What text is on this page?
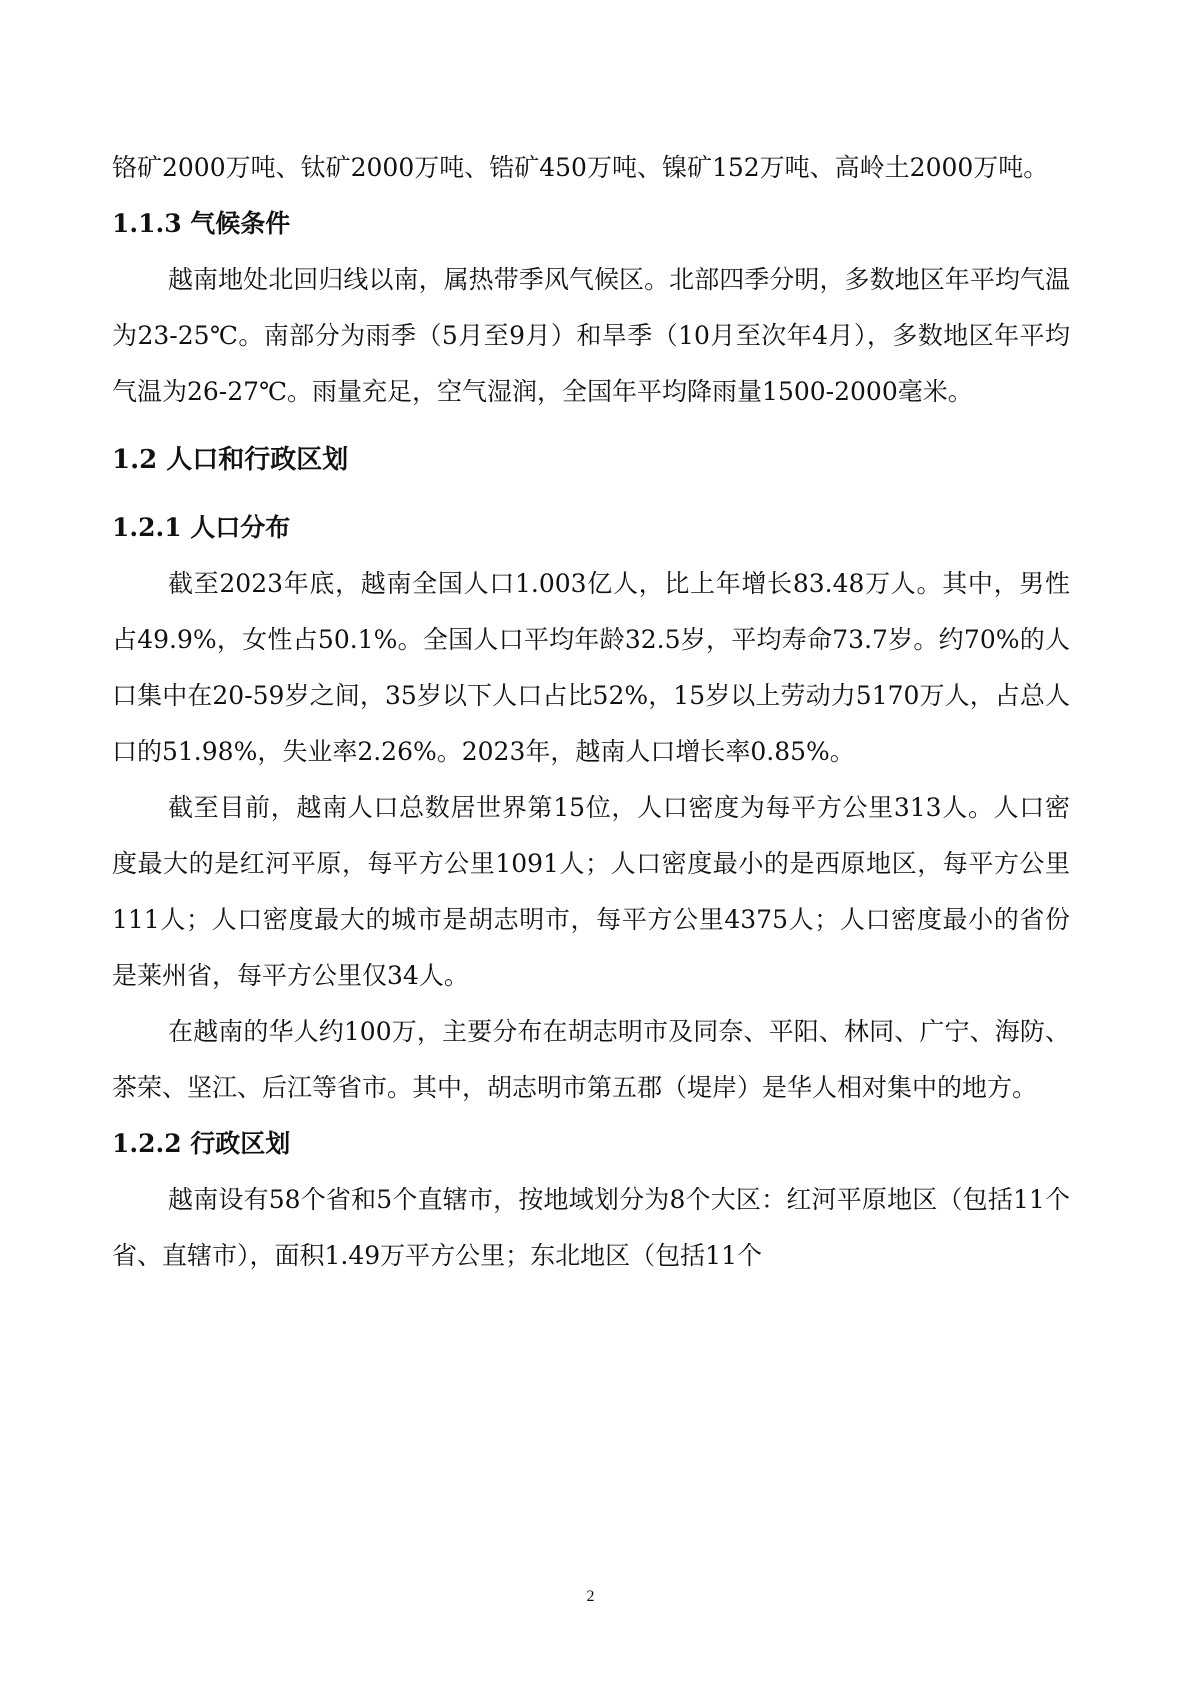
铬矿2000万吨、钛矿2000万吨、锆矿450万吨、镍矿152万吨、高岭土2000万吨。

1.1.3 气候条件

越南地处北回归线以南，属热带季风气候区。北部四季分明，多数地区年平均气温为23-25℃。南部分为雨季（5月至9月）和旱季（10月至次年4月），多数地区年平均气温为26-27℃。雨量充足，空气湿润，全国年平均降雨量1500-2000毫米。

1.2 人口和行政区划
1.2.1 人口分布

截至2023年底，越南全国人口1.003亿人，比上年增长83.48万人。其中，男性占49.9%，女性占50.1%。全国人口平均年龄32.5岁，平均寿命73.7岁。约70%的人口集中在20-59岁之间，35岁以下人口占比52%，15岁以上劳动力5170万人，占总人口的51.98%，失业率2.26%。2023年，越南人口增长率0.85%。

截至目前，越南人口总数居世界第15位，人口密度为每平方公里313人。人口密度最大的是红河平原，每平方公里1091人；人口密度最小的是西原地区，每平方公里111人；人口密度最大的城市是胡志明市，每平方公里4375人；人口密度最小的省份是莱州省，每平方公里仅34人。

在越南的华人约100万，主要分布在胡志明市及同奈、平阳、林同、广宁、海防、 茶荣、坚江、后江等省市。其中，胡志明市第五郡（堤岸）是华人相对集中的地方。

1.2.2 行政区划

越南设有58个省和5个直辖市，按地域划分为8个大区：红河平原地区（包括11个省、直辖市），面积1.49万平方公里；东北地区（包括11个

2
